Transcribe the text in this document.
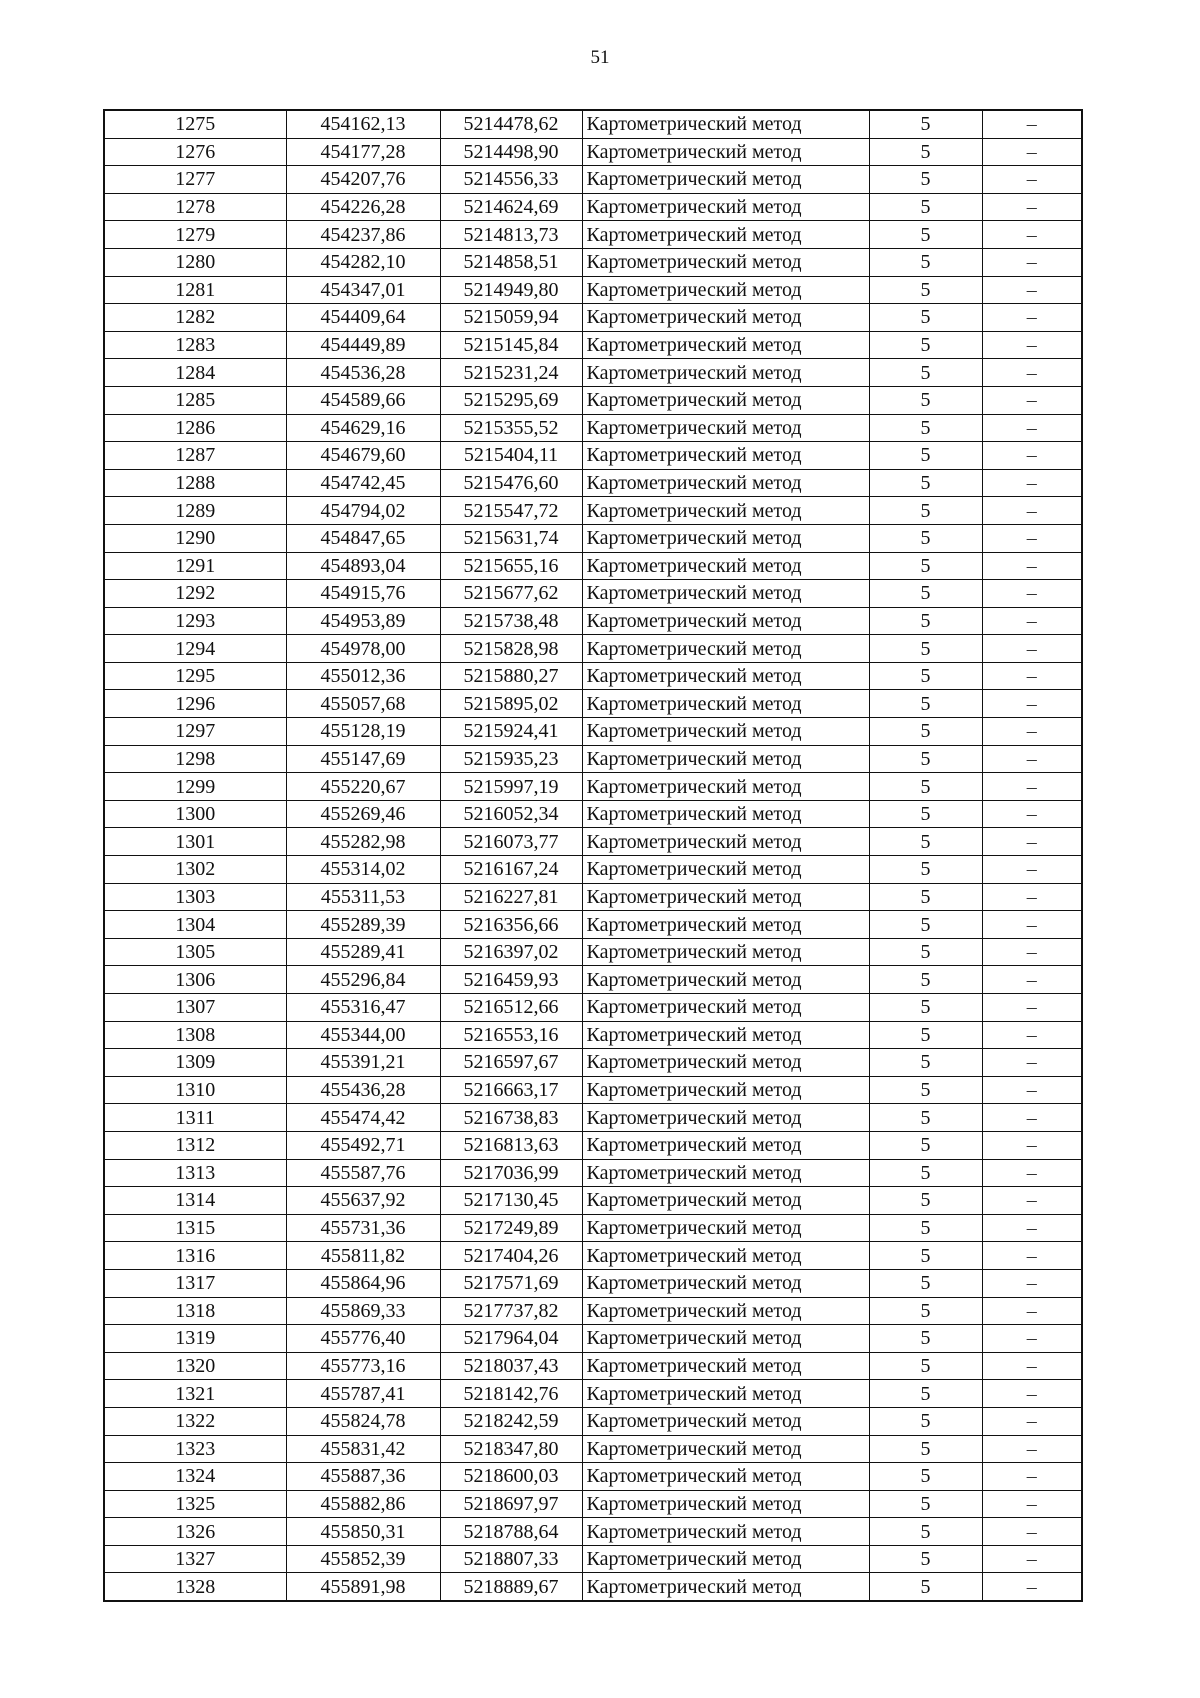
51
1275	454162,13	5214478,62	Картометрический метод	5	–
1276	454177,28	5214498,90	Картометрический метод	5	–
1277	454207,76	5214556,33	Картометрический метод	5	–
1278	454226,28	5214624,69	Картометрический метод	5	–
1279	454237,86	5214813,73	Картометрический метод	5	–
1280	454282,10	5214858,51	Картометрический метод	5	–
1281	454347,01	5214949,80	Картометрический метод	5	–
1282	454409,64	5215059,94	Картометрический метод	5	–
1283	454449,89	5215145,84	Картометрический метод	5	–
1284	454536,28	5215231,24	Картометрический метод	5	–
1285	454589,66	5215295,69	Картометрический метод	5	–
1286	454629,16	5215355,52	Картометрический метод	5	–
1287	454679,60	5215404,11	Картометрический метод	5	–
1288	454742,45	5215476,60	Картометрический метод	5	–
1289	454794,02	5215547,72	Картометрический метод	5	–
1290	454847,65	5215631,74	Картометрический метод	5	–
1291	454893,04	5215655,16	Картометрический метод	5	–
1292	454915,76	5215677,62	Картометрический метод	5	–
1293	454953,89	5215738,48	Картометрический метод	5	–
1294	454978,00	5215828,98	Картометрический метод	5	–
1295	455012,36	5215880,27	Картометрический метод	5	–
1296	455057,68	5215895,02	Картометрический метод	5	–
1297	455128,19	5215924,41	Картометрический метод	5	–
1298	455147,69	5215935,23	Картометрический метод	5	–
1299	455220,67	5215997,19	Картометрический метод	5	–
1300	455269,46	5216052,34	Картометрический метод	5	–
1301	455282,98	5216073,77	Картометрический метод	5	–
1302	455314,02	5216167,24	Картометрический метод	5	–
1303	455311,53	5216227,81	Картометрический метод	5	–
1304	455289,39	5216356,66	Картометрический метод	5	–
1305	455289,41	5216397,02	Картометрический метод	5	–
1306	455296,84	5216459,93	Картометрический метод	5	–
1307	455316,47	5216512,66	Картометрический метод	5	–
1308	455344,00	5216553,16	Картометрический метод	5	–
1309	455391,21	5216597,67	Картометрический метод	5	–
1310	455436,28	5216663,17	Картометрический метод	5	–
1311	455474,42	5216738,83	Картометрический метод	5	–
1312	455492,71	5216813,63	Картометрический метод	5	–
1313	455587,76	5217036,99	Картометрический метод	5	–
1314	455637,92	5217130,45	Картометрический метод	5	–
1315	455731,36	5217249,89	Картометрический метод	5	–
1316	455811,82	5217404,26	Картометрический метод	5	–
1317	455864,96	5217571,69	Картометрический метод	5	–
1318	455869,33	5217737,82	Картометрический метод	5	–
1319	455776,40	5217964,04	Картометрический метод	5	–
1320	455773,16	5218037,43	Картометрический метод	5	–
1321	455787,41	5218142,76	Картометрический метод	5	–
1322	455824,78	5218242,59	Картометрический метод	5	–
1323	455831,42	5218347,80	Картометрический метод	5	–
1324	455887,36	5218600,03	Картометрический метод	5	–
1325	455882,86	5218697,97	Картометрический метод	5	–
1326	455850,31	5218788,64	Картометрический метод	5	–
1327	455852,39	5218807,33	Картометрический метод	5	–
1328	455891,98	5218889,67	Картометрический метод	5	–
